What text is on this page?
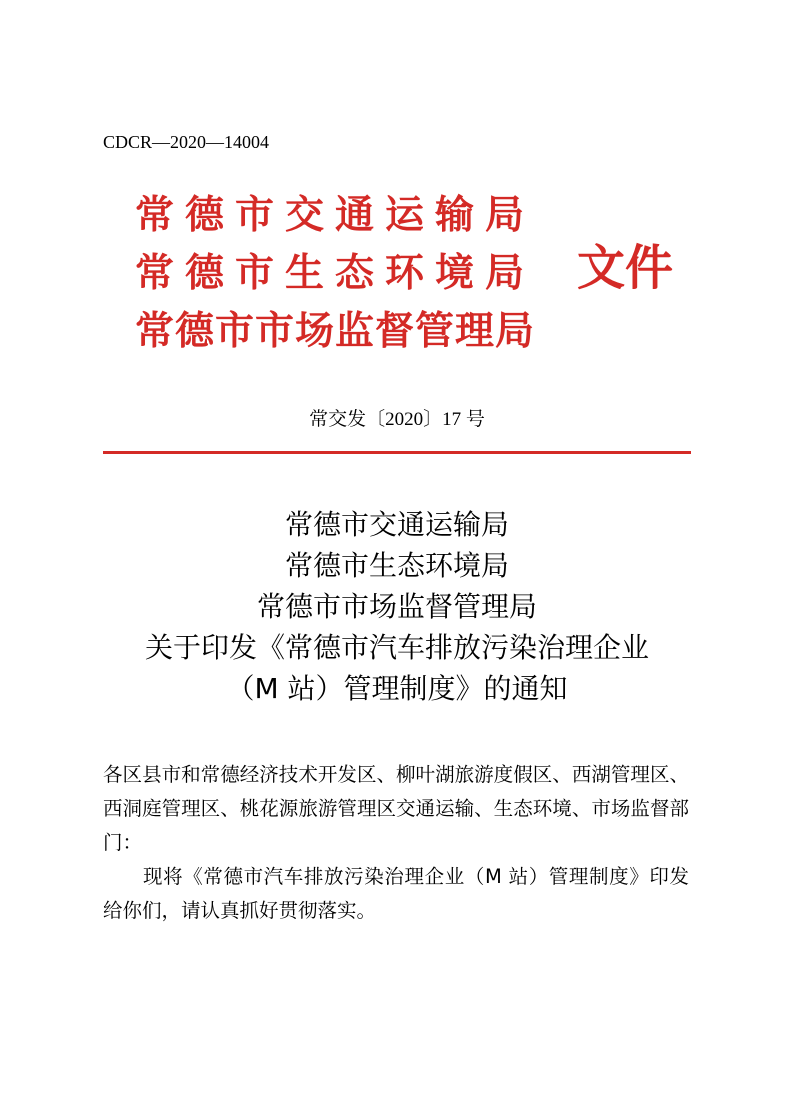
CDCR—2020—14004
常德市交通运输局
常德市生态环境局
常德市市场监督管理局
文件
常交发〔2020〕17 号
常德市交通运输局
常德市生态环境局
常德市市场监督管理局
关于印发《常德市汽车排放污染治理企业
（M 站）管理制度》的通知

各区县市和常德经济技术开发区、柳叶湖旅游度假区、西湖管理区、西洞庭管理区、桃花源旅游管理区交通运输、生态环境、市场监督部门：

现将《常德市汽车排放污染治理企业（M 站）管理制度》印发给你们，请认真抓好贯彻落实。
